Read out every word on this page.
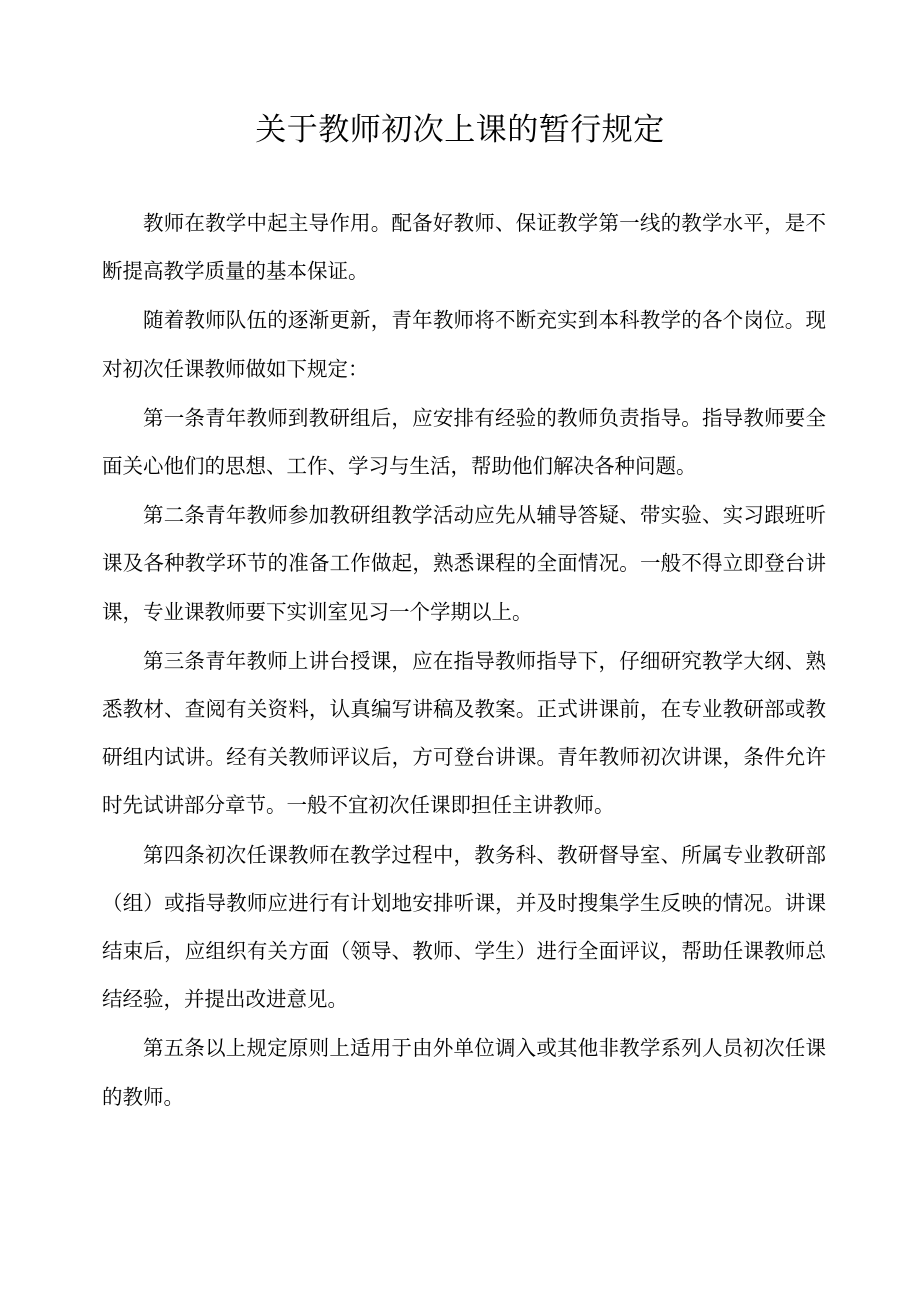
关于教师初次上课的暂行规定

教师在教学中起主导作用。配备好教师、保证教学第一线的教学水平，是不断提高教学质量的基本保证。

随着教师队伍的逐渐更新，青年教师将不断充实到本科教学的各个岗位。现对初次任课教师做如下规定：

第一条青年教师到教研组后，应安排有经验的教师负责指导。指导教师要全面关心他们的思想、工作、学习与生活，帮助他们解决各种问题。

第二条青年教师参加教研组教学活动应先从辅导答疑、带实验、实习跟班听课及各种教学环节的准备工作做起，熟悉课程的全面情况。一般不得立即登台讲课，专业课教师要下实训室见习一个学期以上。

第三条青年教师上讲台授课，应在指导教师指导下，仔细研究教学大纲、熟悉教材、查阅有关资料，认真编写讲稿及教案。正式讲课前，在专业教研部或教研组内试讲。经有关教师评议后，方可登台讲课。青年教师初次讲课，条件允许时先试讲部分章节。一般不宜初次任课即担任主讲教师。

第四条初次任课教师在教学过程中，教务科、教研督导室、所属专业教研部（组）或指导教师应进行有计划地安排听课，并及时搜集学生反映的情况。讲课结束后，应组织有关方面（领导、教师、学生）进行全面评议，帮助任课教师总结经验，并提出改进意见。

第五条以上规定原则上适用于由外单位调入或其他非教学系列人员初次任课的教师。
